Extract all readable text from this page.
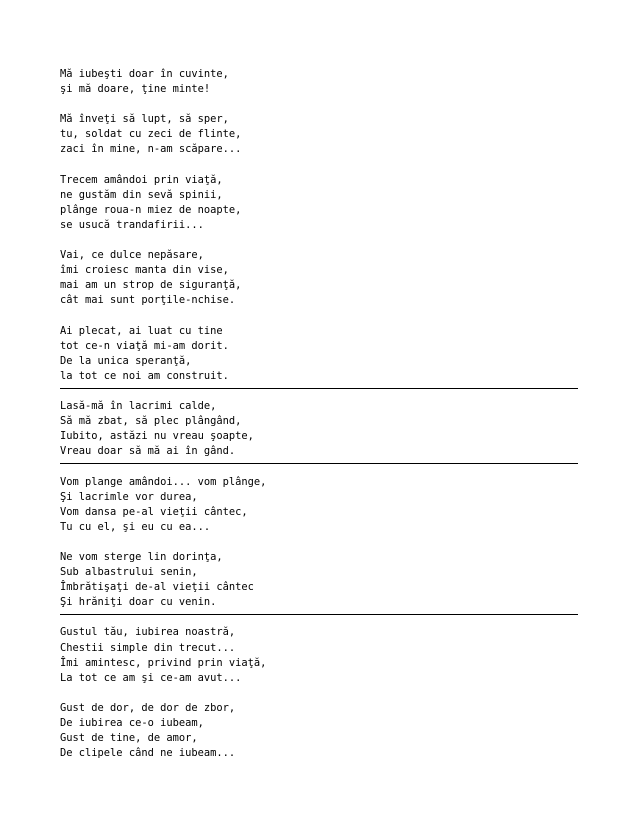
Mă iubeşti doar în cuvinte,
şi mă doare, ţine minte!
Mă înveţi să lupt, să sper,
tu, soldat cu zeci de flinte,
zaci în mine, n-am scăpare...
Trecem amândoi prin viaţă,
ne gustăm din sevă spinii,
plânge roua-n miez de noapte,
se usucă trandafirii...
Vai, ce dulce nepăsare,
îmi croiesc manta din vise,
mai am un strop de siguranţă,
cât mai sunt porţile-nchise.
Ai plecat, ai luat cu tine
tot ce-n viaţă mi-am dorit.
De la unica speranţă,
la tot ce noi am construit.
Lasă-mă în lacrimi calde,
Să mă zbat, să plec plângând,
Iubito, astăzi nu vreau şoapte,
Vreau doar să mă ai în gând.
Vom plange amândoi... vom plânge,
Şi lacrimle vor durea,
Vom dansa pe-al vieţii cântec,
Tu cu el, şi eu cu ea...
Ne vom sterge lin dorinţa,
Sub albastrului senin,
Îmbrătişaţi de-al vieţii cântec
Şi hrăniţi doar cu venin.
Gustul tău, iubirea noastră,
Chestii simple din trecut...
Îmi amintesc, privind prin viaţă,
La tot ce am şi ce-am avut...
Gust de dor, de dor de zbor,
De iubirea ce-o iubeam,
Gust de tine, de amor,
De clipele când ne iubeam...
